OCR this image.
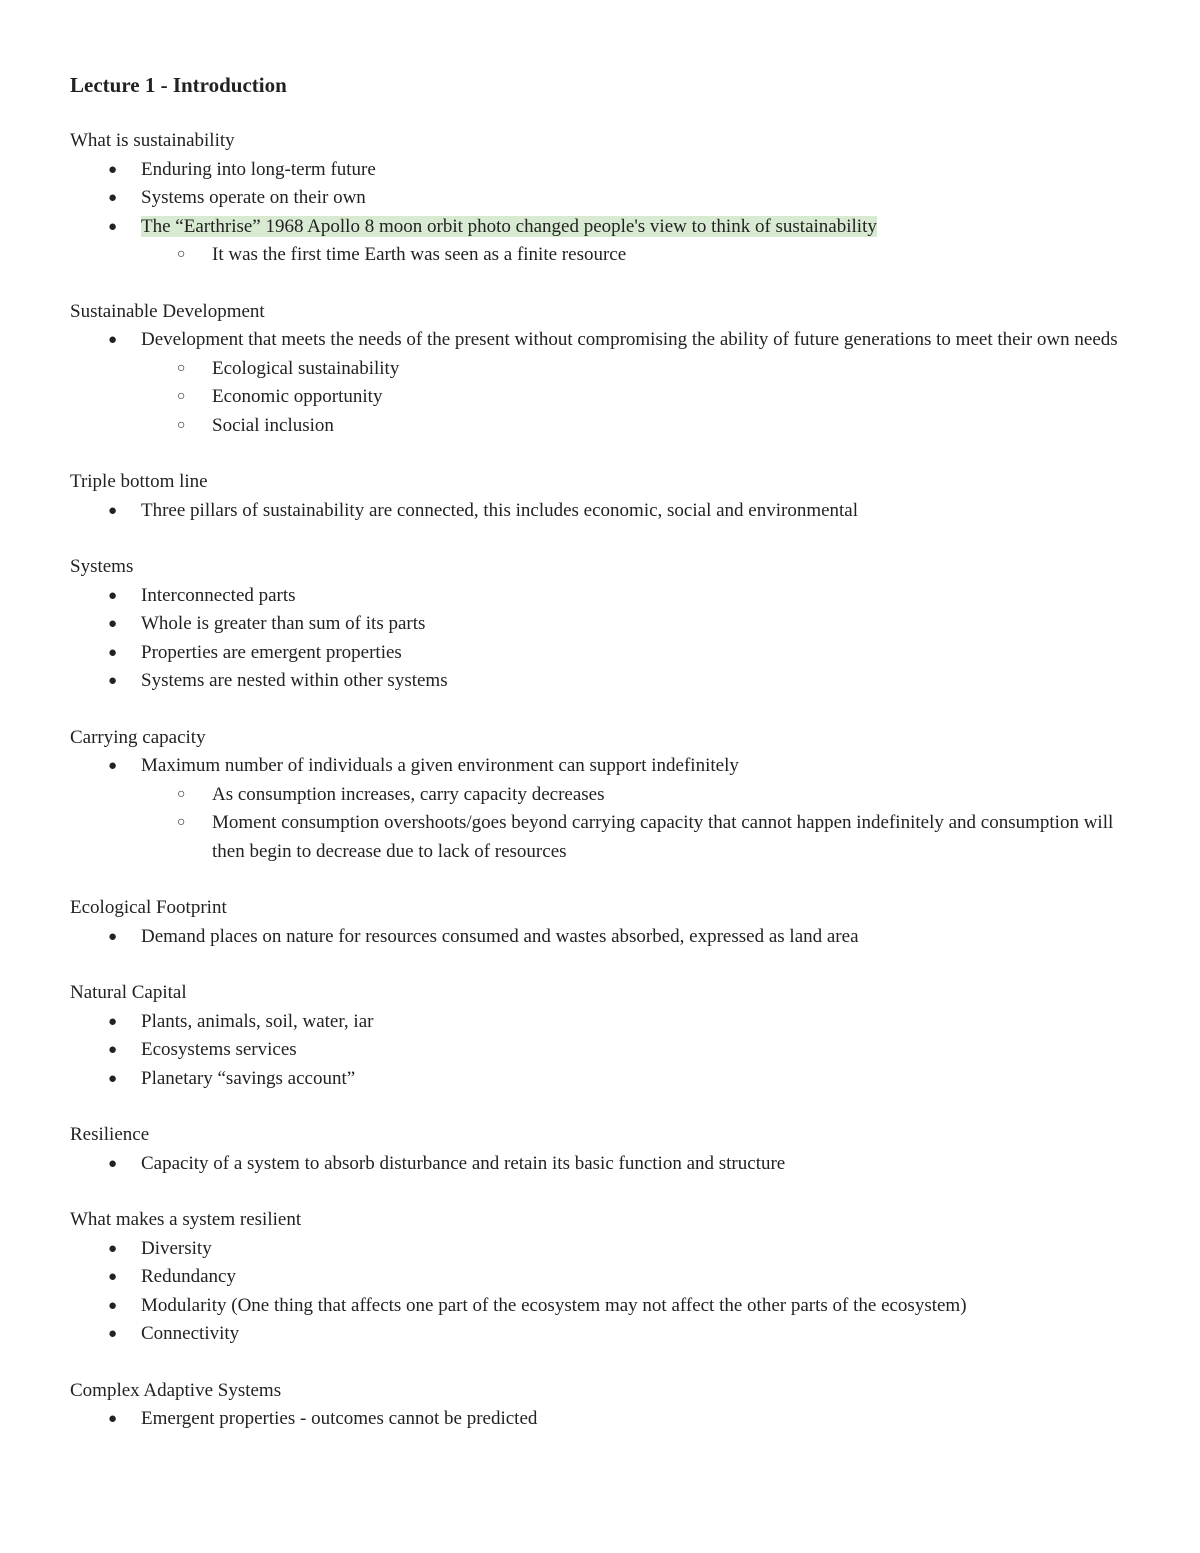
Lecture 1 - Introduction
What is sustainability
● Enduring into long-term future
● Systems operate on their own
● The “Earthrise” 1968 Apollo 8 moon orbit photo changed people's view to think of sustainability
○ It was the first time Earth was seen as a finite resource
Sustainable Development
● Development that meets the needs of the present without compromising the ability of future generations to meet their own needs
○ Ecological sustainability
○ Economic opportunity
○ Social inclusion
Triple bottom line
● Three pillars of sustainability are connected, this includes economic, social and environmental
Systems
● Interconnected parts
● Whole is greater than sum of its parts
● Properties are emergent properties
● Systems are nested within other systems
Carrying capacity
● Maximum number of individuals a given environment can support indefinitely
○ As consumption increases, carry capacity decreases
○ Moment consumption overshoots/goes beyond carrying capacity that cannot happen indefinitely and consumption will then begin to decrease due to lack of resources
Ecological Footprint
● Demand places on nature for resources consumed and wastes absorbed, expressed as land area
Natural Capital
● Plants, animals, soil, water, iar
● Ecosystems services
● Planetary “savings account”
Resilience
● Capacity of a system to absorb disturbance and retain its basic function and structure
What makes a system resilient
● Diversity
● Redundancy
● Modularity (One thing that affects one part of the ecosystem may not affect the other parts of the ecosystem)
● Connectivity
Complex Adaptive Systems
● Emergent properties - outcomes cannot be predicted
